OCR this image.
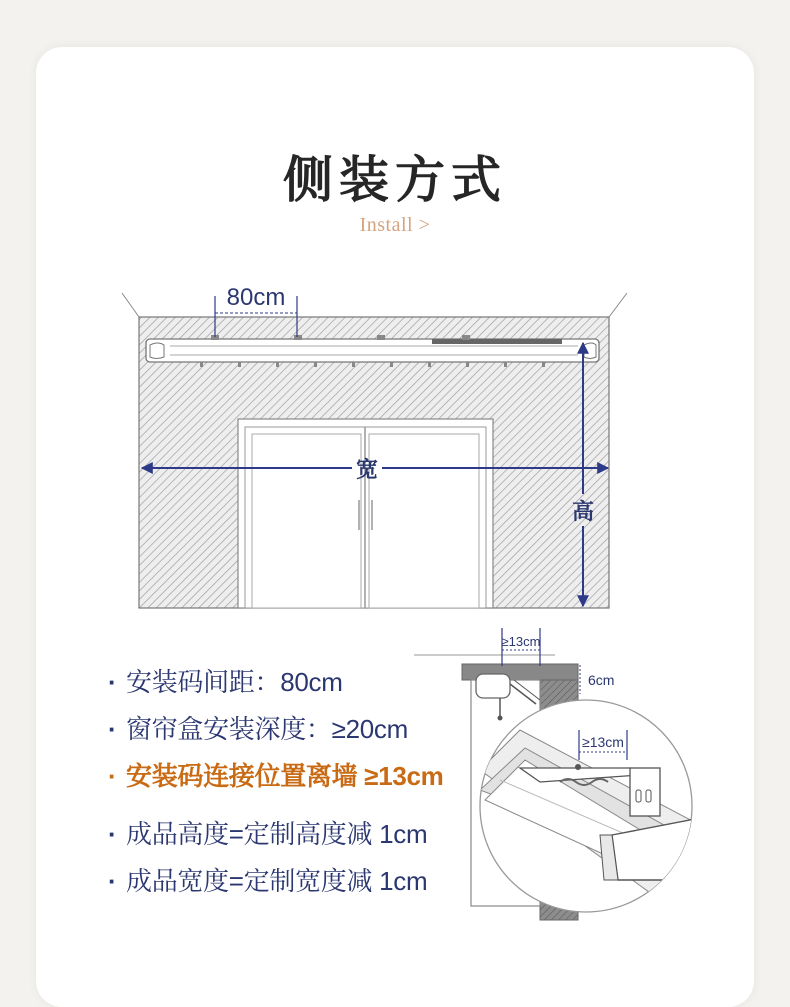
侧装方式
Install >
80cm
宽
高
≥13cm
6cm
≥13cm
· 安装码间距：80cm
· 窗帘盒安装深度：≥20cm
· 安装码连接位置离墙 ≥13cm
· 成品高度=定制高度减 1cm
· 成品宽度=定制宽度减 1cm
